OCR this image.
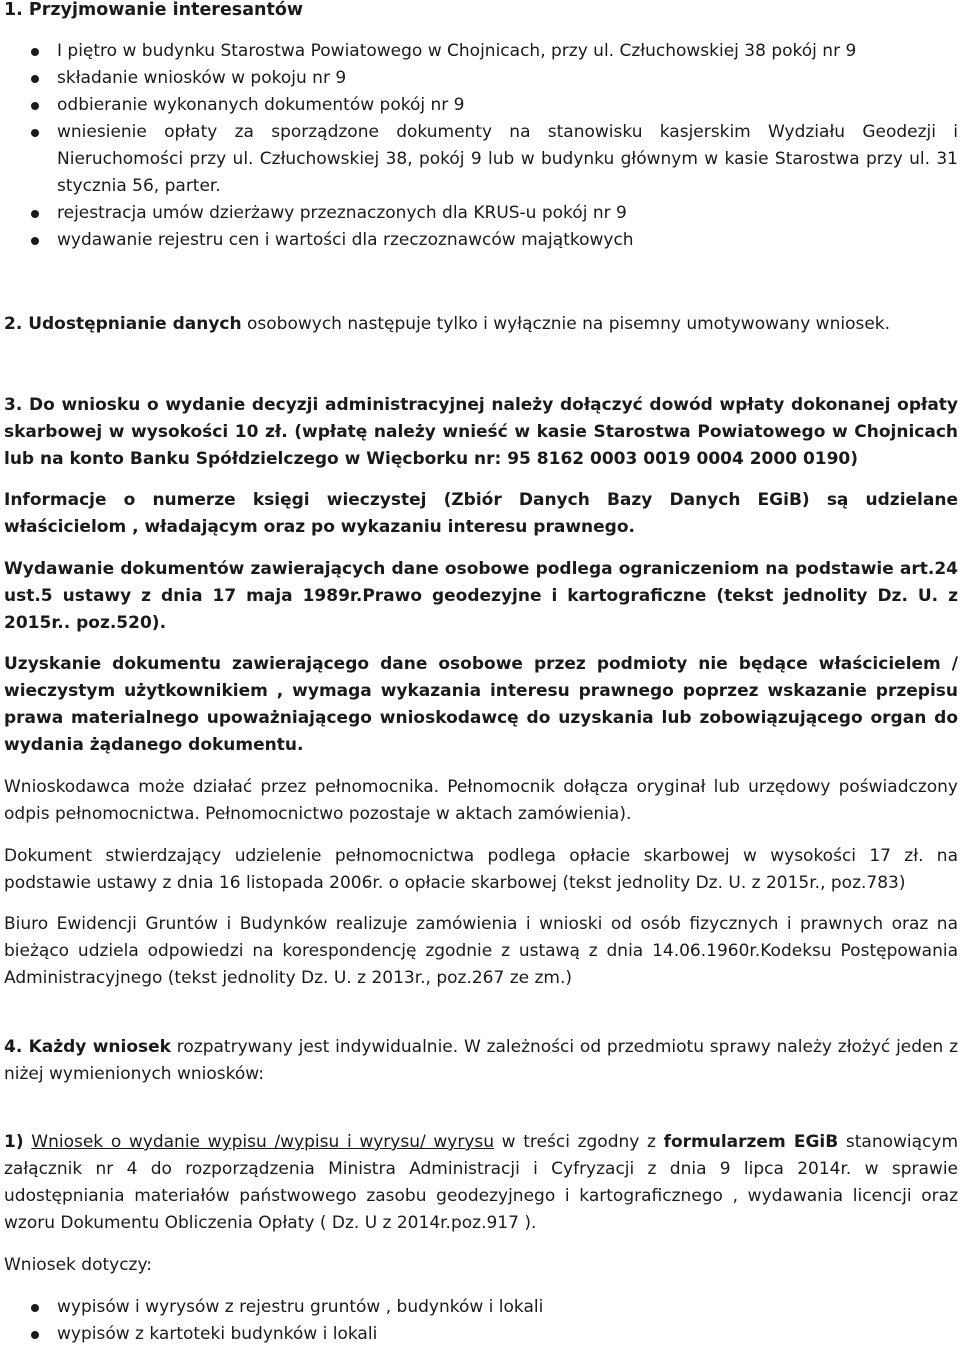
1. Przyjmowanie interesantów

I piętro w budynku Starostwa Powiatowego w Chojnicach, przy ul. Człuchowskiej 38 pokój nr 9
składanie wniosków w pokoju nr 9
odbieranie wykonanych dokumentów pokój nr 9
wniesienie opłaty za sporządzone dokumenty na stanowisku kasjerskim Wydziału Geodezji i Nieruchomości przy ul. Człuchowskiej 38, pokój 9 lub w budynku głównym w kasie Starostwa przy ul. 31 stycznia 56, parter.
rejestracja umów dzierżawy przeznaczonych dla KRUS-u pokój nr 9
wydawanie rejestru cen i wartości dla rzeczoznawców majątkowych

2. Udostępnianie danych osobowych następuje tylko i wyłącznie na pisemny umotywowany wniosek.

3. Do wniosku o wydanie decyzji administracyjnej należy dołączyć dowód wpłaty dokonanej opłaty skarbowej w wysokości 10 zł. (wpłatę należy wnieść w kasie Starostwa Powiatowego w Chojnicach lub na konto Banku Spółdzielczego w Więcborku nr: 95 8162 0003 0019 0004 2000 0190)

Informacje o numerze księgi wieczystej (Zbiór Danych Bazy Danych EGiB) są udzielane właścicielom , władającym oraz po wykazaniu interesu prawnego.

Wydawanie dokumentów zawierających dane osobowe podlega ograniczeniom na podstawie art.24 ust.5 ustawy z dnia 17 maja 1989r.Prawo geodezyjne i kartograficzne (tekst jednolity Dz. U. z 2015r.. poz.520).

Uzyskanie dokumentu zawierającego dane osobowe przez podmioty nie będące właścicielem / wieczystym użytkownikiem , wymaga wykazania interesu prawnego poprzez wskazanie przepisu prawa materialnego upoważniającego wnioskodawcę do uzyskania lub zobowiązującego organ do wydania żądanego dokumentu.

Wnioskodawca może działać przez pełnomocnika. Pełnomocnik dołącza oryginał lub urzędowy poświadczony odpis pełnomocnictwa. Pełnomocnictwo pozostaje w aktach zamówienia).

Dokument stwierdzający udzielenie pełnomocnictwa podlega opłacie skarbowej w wysokości 17 zł. na podstawie ustawy z dnia 16 listopada 2006r. o opłacie skarbowej (tekst jednolity Dz. U. z 2015r., poz.783)

Biuro Ewidencji Gruntów i Budynków realizuje zamówienia i wnioski od osób fizycznych i prawnych oraz na bieżąco udziela odpowiedzi na korespondencję zgodnie z ustawą z dnia 14.06.1960r.Kodeksu Postępowania Administracyjnego (tekst jednolity Dz. U. z 2013r., poz.267 ze zm.)

4. Każdy wniosek rozpatrywany jest indywidualnie. W zależności od przedmiotu sprawy należy złożyć jeden z niżej wymienionych wniosków:

1) Wniosek o wydanie wypisu /wypisu i wyrysu/ wyrysu w treści zgodny z formularzem EGiB stanowiącym załącznik nr 4 do rozporządzenia Ministra Administracji i Cyfryzacji z dnia 9 lipca 2014r. w sprawie udostępniania materiałów państwowego zasobu geodezyjnego i kartograficznego , wydawania licencji oraz wzoru Dokumentu Obliczenia Opłaty ( Dz. U z 2014r.poz.917 ).

Wniosek dotyczy:

wypisów i wyrysów z rejestru gruntów , budynków i lokali
wypisów z kartoteki budynków i lokali
